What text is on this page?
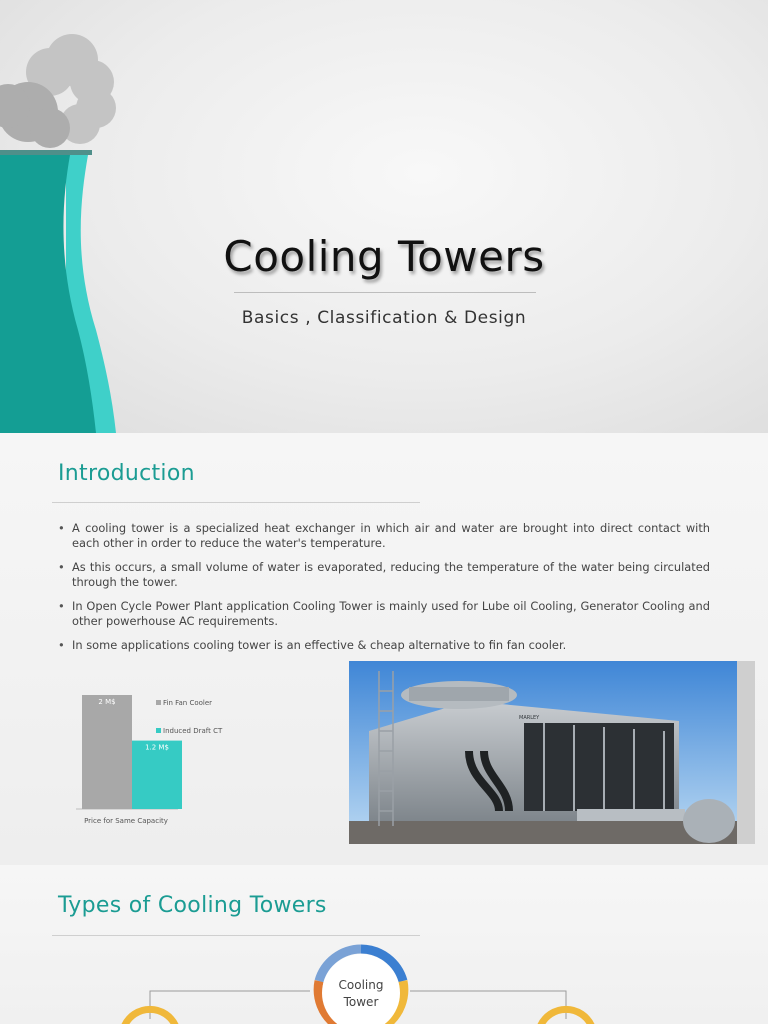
Cooling Towers
Basics , Classification & Design
Introduction
• A cooling tower is a specialized heat exchanger in which air and water are brought into direct contact with each other in order to reduce the water's temperature.
• As this occurs, a small volume of water is evaporated, reducing the temperature of the water being circulated through the tower.
• In Open Cycle Power Plant application Cooling Tower is mainly used for Lube oil Cooling, Generator Cooling and other powerhouse AC requirements.
• In some applications cooling tower is an effective & cheap alternative to fin fan cooler.
2 M$
1.2 M$
Fin Fan Cooler
Induced Draft CT
Price for Same Capacity
MARLEY
Types of Cooling Towers
Cooling
Tower
